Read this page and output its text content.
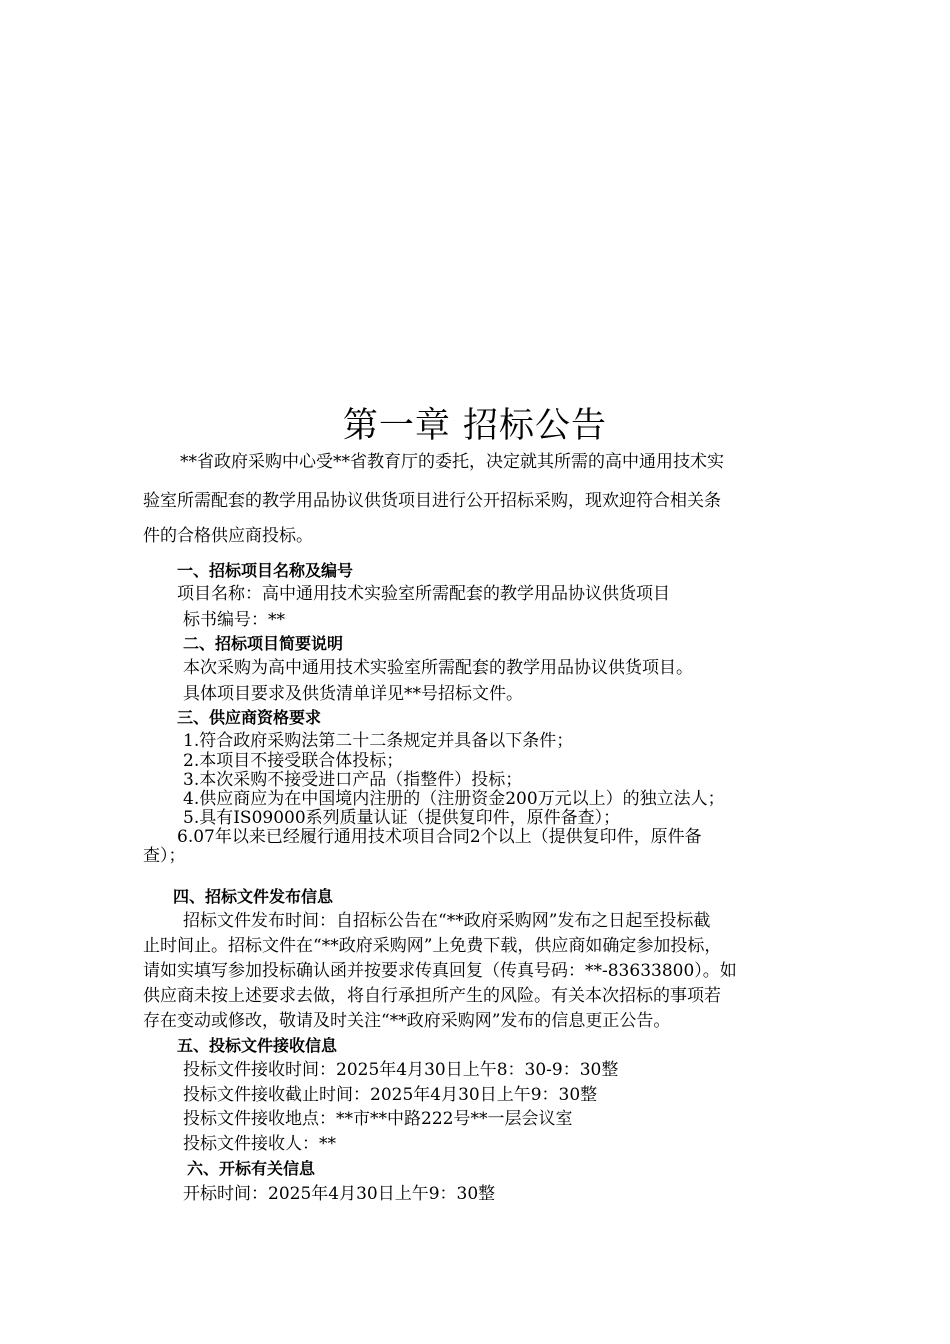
第一章 招标公告
**省政府采购中心受**省教育厅的委托，决定就其所需的高中通用技术实
验室所需配套的教学用品协议供货项目进行公开招标采购，现欢迎符合相关条
件的合格供应商投标。
一、招标项目名称及编号
项目名称：高中通用技术实验室所需配套的教学用品协议供货项目
标书编号：**
二、招标项目简要说明
本次采购为高中通用技术实验室所需配套的教学用品协议供货项目。
具体项目要求及供货清单详见**号招标文件。
三、供应商资格要求
1.符合政府采购法第二十二条规定并具备以下条件；
2.本项目不接受联合体投标；
3.本次采购不接受进口产品（指整件）投标；
4.供应商应为在中国境内注册的（注册资金200万元以上）的独立法人；
5.具有IS09000系列质量认证（提供复印件，原件备查）；
6.07年以来已经履行通用技术项目合同2个以上（提供复印件，原件备
查）；
四、招标文件发布信息
招标文件发布时间：自招标公告在“**政府采购网”发布之日起至投标截
止时间止。招标文件在“**政府采购网”上免费下载，供应商如确定参加投标，
请如实填写参加投标确认函并按要求传真回复（传真号码：**-83633800）。如
供应商未按上述要求去做，将自行承担所产生的风险。有关本次招标的事项若
存在变动或修改，敬请及时关注“**政府采购网”发布的信息更正公告。
五、投标文件接收信息
投标文件接收时间：2025年4月30日上午8：30-9：30整
投标文件接收截止时间：2025年4月30日上午9：30整
投标文件接收地点：**市**中路222号**一层会议室
投标文件接收人：**
六、开标有关信息
开标时间：2025年4月30日上午9：30整
